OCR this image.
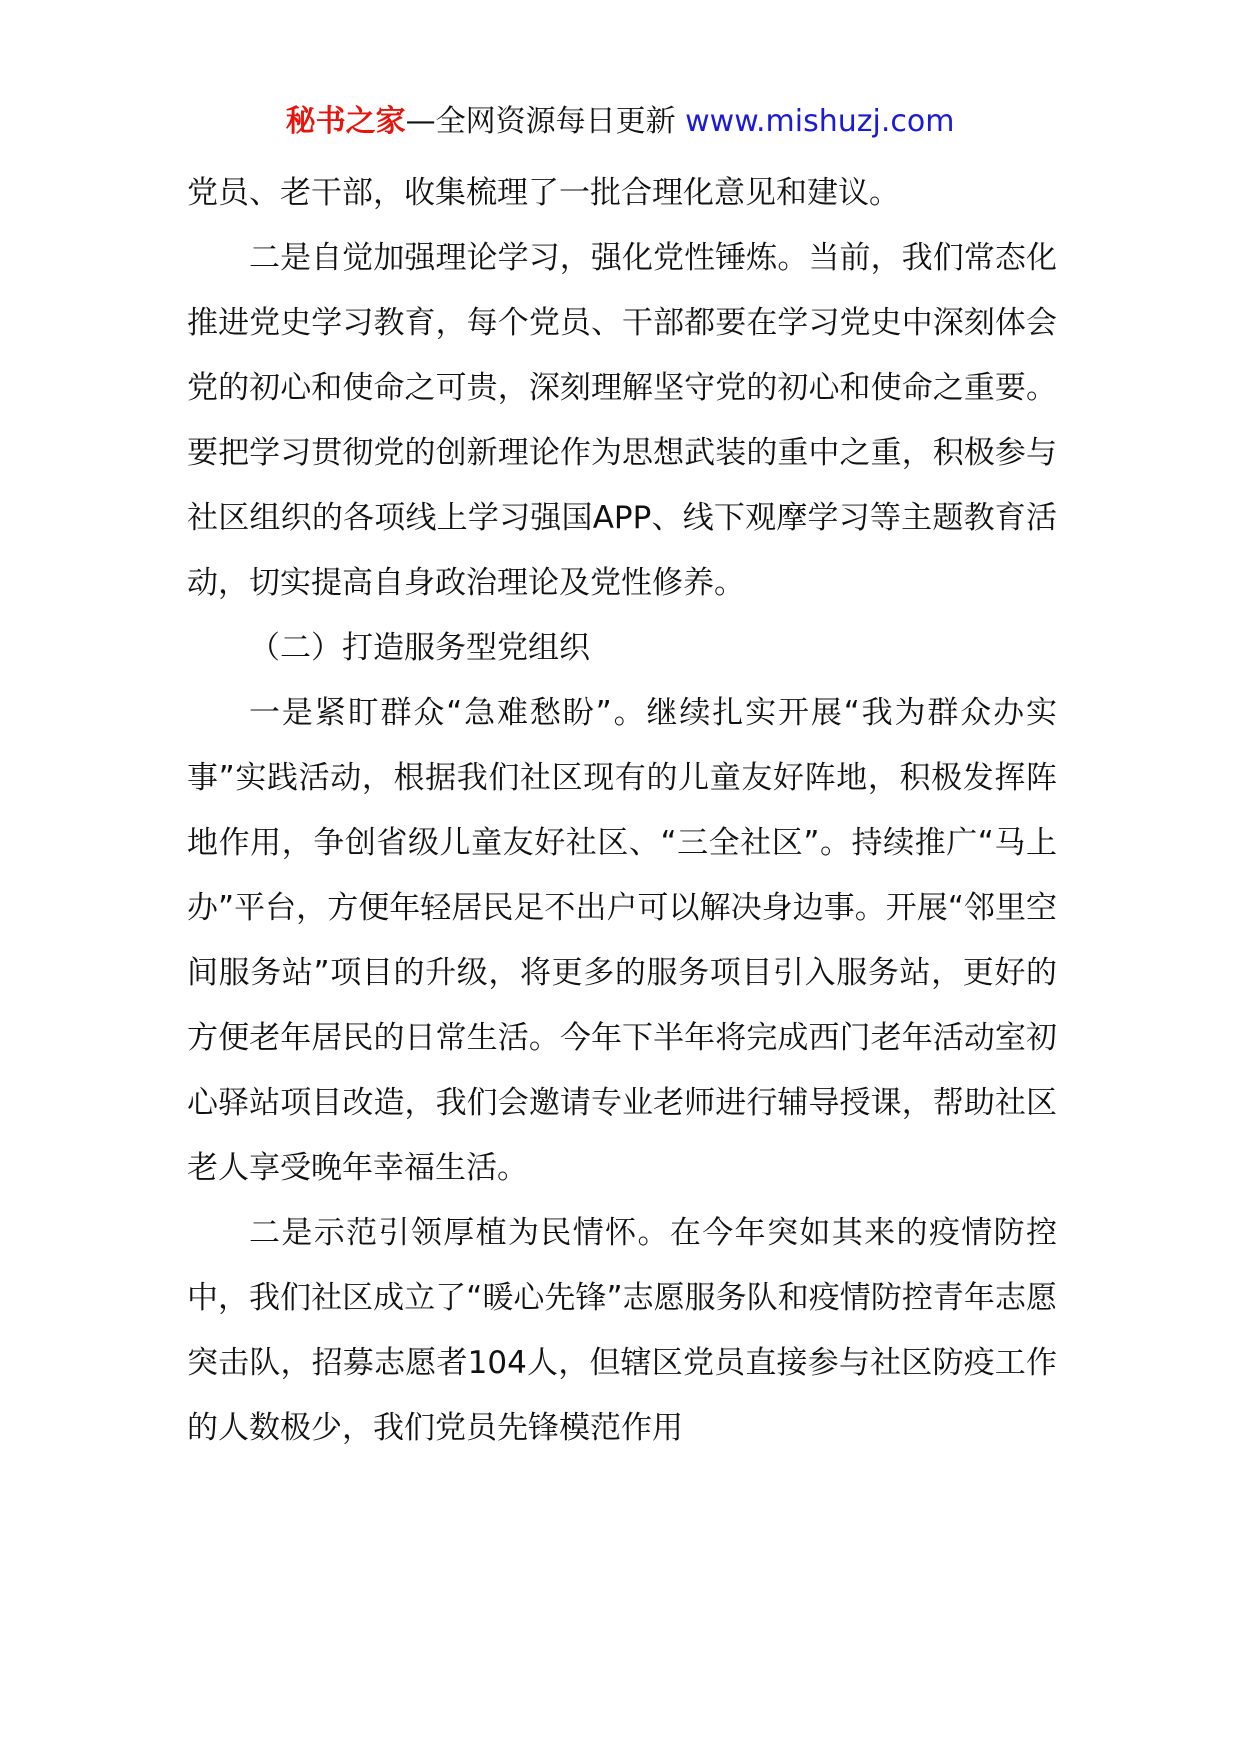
秘书之家—全网资源每日更新 www.mishuzj.com

党员、老干部，收集梳理了一批合理化意见和建议。

二是自觉加强理论学习，强化党性锤炼。当前，我们常态化推进党史学习教育，每个党员、干部都要在学习党史中深刻体会党的初心和使命之可贵，深刻理解坚守党的初心和使命之重要。要把学习贯彻党的创新理论作为思想武装的重中之重，积极参与社区组织的各项线上学习强国APP、线下观摩学习等主题教育活动，切实提高自身政治理论及党性修养。

（二）打造服务型党组织

一是紧盯群众“急难愁盼”。继续扎实开展“我为群众办实事”实践活动，根据我们社区现有的儿童友好阵地，积极发挥阵地作用，争创省级儿童友好社区、“三全社区”。持续推广“马上办”平台，方便年轻居民足不出户可以解决身边事。开展“邻里空间服务站”项目的升级，将更多的服务项目引入服务站，更好的方便老年居民的日常生活。今年下半年将完成西门老年活动室初心驿站项目改造，我们会邀请专业老师进行辅导授课，帮助社区老人享受晚年幸福生活。

二是示范引领厚植为民情怀。在今年突如其来的疫情防控中，我们社区成立了“暖心先锋”志愿服务队和疫情防控青年志愿突击队，招募志愿者104人，但辖区党员直接参与社区防疫工作的人数极少，我们党员先锋模范作用
